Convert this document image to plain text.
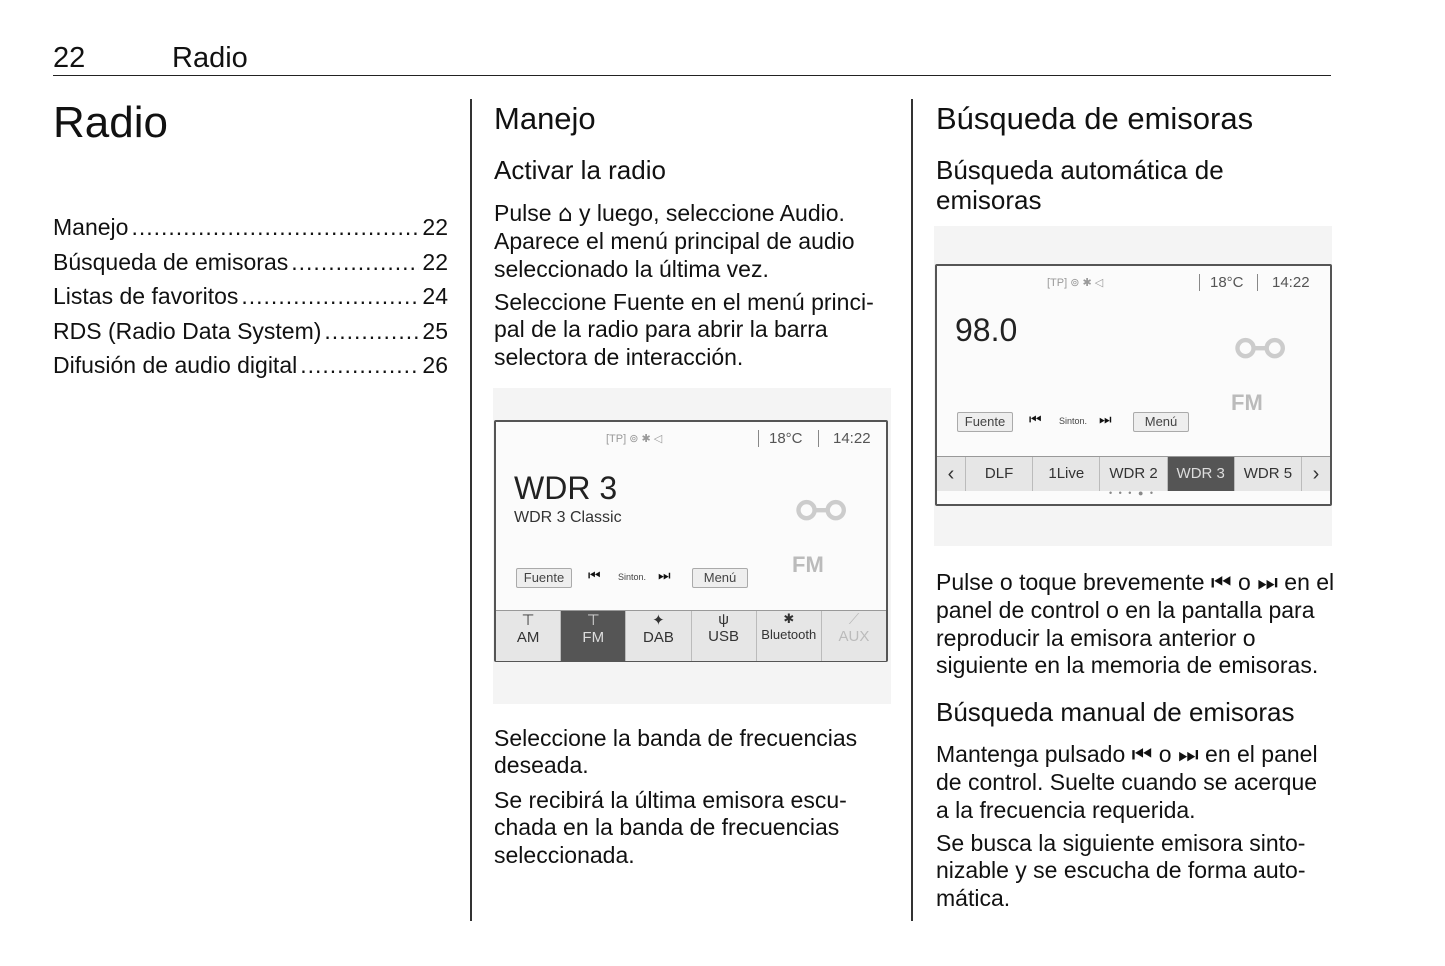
22	Radio
Radio
Manejo .....	22
Búsqueda de emisoras .....	22
Listas de favoritos .....	24
RDS (Radio Data System) .....	25
Difusión de audio digital .....	26
Manejo
Activar la radio

Pulse ⌂ y luego, seleccione Audio. Aparece el menú principal de audio seleccionado la última vez.

Seleccione Fuente en el menú princi- pal de la radio para abrir la barra selectora de interacción.

[TP] ⊚ ✱ ◁	18°C	14:22
WDR 3
WDR 3 Classic	⚯
FM
Fuente	⏮ Sinton. ⏭	Menú
⊤
AM
⊤
FM
✦
DAB
ψ
USB
✱
Bluetooth
⟋
AUX

Seleccione la banda de frecuencias deseada.

Se recibirá la última emisora escu- chada en la banda de frecuencias seleccionada.

Búsqueda de emisoras
Búsqueda automática de emisoras
[TP] ⊚ ✱ ◁	18°C	14:22
98.0	⚯
FM
Fuente	⏮ Sinton. ⏭	Menú
‹	DLF	1Live	WDR 2	WDR 3	WDR 5	›
• • • ● •

Pulse o toque brevemente ⏮ o ⏭ en el panel de control o en la pantalla para reproducir la emisora anterior o siguiente en la memoria de emisoras.

Búsqueda manual de emisoras

Mantenga pulsado ⏮ o ⏭ en el panel de control. Suelte cuando se acerque a la frecuencia requerida.

Se busca la siguiente emisora sinto- nizable y se escucha de forma auto- mática.
